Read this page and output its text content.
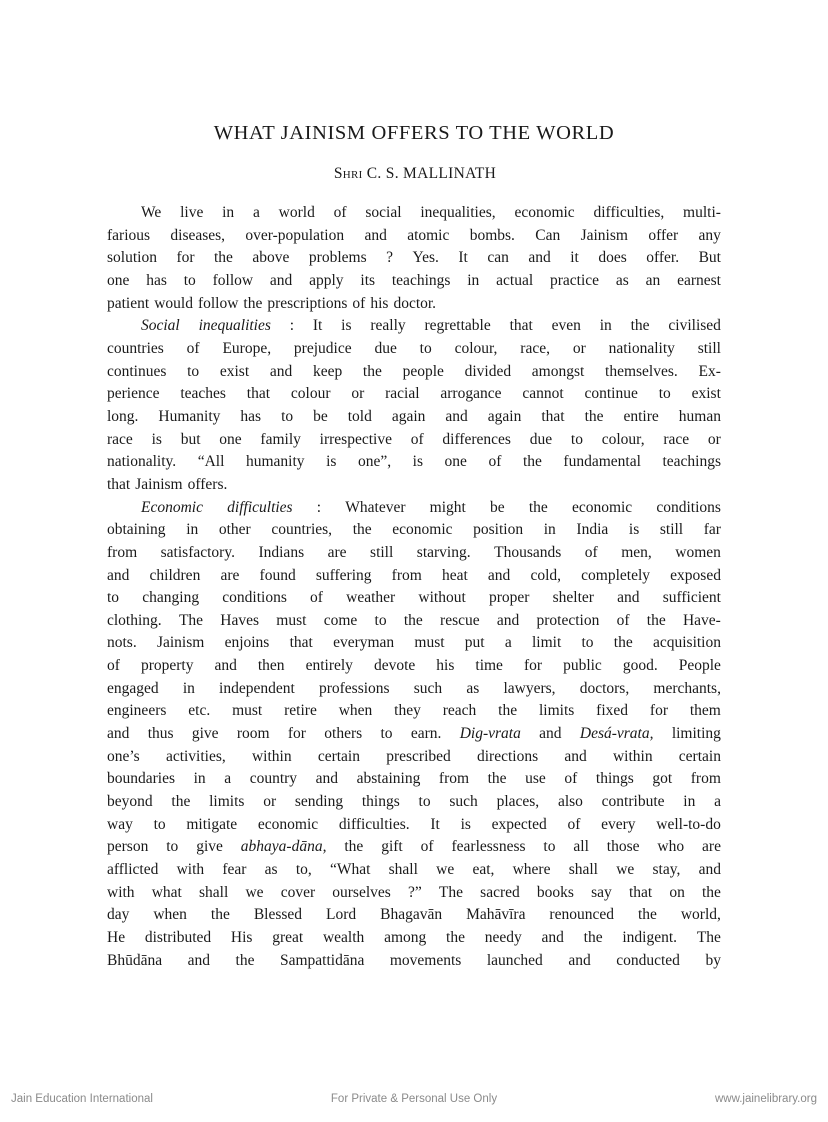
WHAT JAINISM OFFERS TO THE WORLD
Shri C. S. MALLINATH
We live in a world of social inequalities, economic difficulties, multi-
farious diseases, over-population and atomic bombs. Can Jainism offer any
solution for the above problems ? Yes. It can and it does offer. But
one has to follow and apply its teachings in actual practice as an earnest
patient would follow the prescriptions of his doctor.
Social inequalities : It is really regrettable that even in the civilised
countries of Europe, prejudice due to colour, race, or nationality still
continues to exist and keep the people divided amongst themselves. Ex-
perience teaches that colour or racial arrogance cannot continue to exist
long. Humanity has to be told again and again that the entire human
race is but one family irrespective of differences due to colour, race or
nationality. “All humanity is one”, is one of the fundamental teachings
that Jainism offers.
Economic difficulties : Whatever might be the economic conditions
obtaining in other countries, the economic position in India is still far
from satisfactory. Indians are still starving. Thousands of men, women
and children are found suffering from heat and cold, completely exposed
to changing conditions of weather without proper shelter and sufficient
clothing. The Haves must come to the rescue and protection of the Have-
nots. Jainism enjoins that everyman must put a limit to the acquisition
of property and then entirely devote his time for public good. People
engaged in independent professions such as lawyers, doctors, merchants,
engineers etc. must retire when they reach the limits fixed for them
and thus give room for others to earn. Dig-vrata and Desá-vrata, limiting
one’s activities, within certain prescribed directions and within certain
boundaries in a country and abstaining from the use of things got from
beyond the limits or sending things to such places, also contribute in a
way to mitigate economic difficulties. It is expected of every well-to-do
person to give abhaya-dāna, the gift of fearlessness to all those who are
afflicted with fear as to, “What shall we eat, where shall we stay, and
with what shall we cover ourselves ?” The sacred books say that on the
day when the Blessed Lord Bhagavān Mahāvīra renounced the world,
He distributed His great wealth among the needy and the indigent. The
Bhūdāna and the Sampattidāna movements launched and conducted by
Jain Education International	For Private & Personal Use Only	www.jainelibrary.org
